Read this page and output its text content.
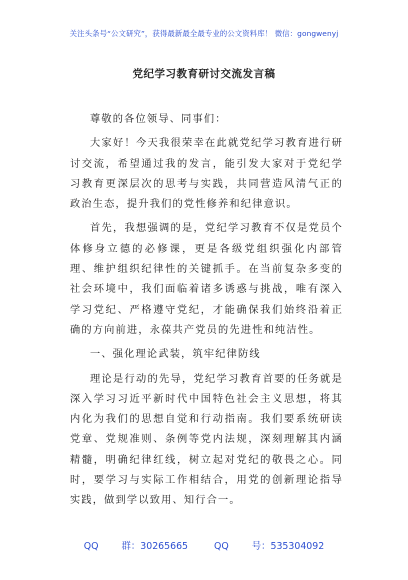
关注头条号“公文研究”，获得最新最全最专业的公文资料库！ 微信：gongwenyj
党纪学习教育研讨交流发言稿

尊敬的各位领导、同事们：

大家好！今天我很荣幸在此就党纪学习教育进行研讨交流，希望通过我的发言，能引发大家对于党纪学习教育更深层次的思考与实践，共同营造风清气正的政治生态，提升我们的党性修养和纪律意识。

首先，我想强调的是，党纪学习教育不仅是党员个体修身立德的必修课，更是各级党组织强化内部管理、维护组织纪律性的关键抓手。在当前复杂多变的社会环境中，我们面临着诸多诱惑与挑战，唯有深入学习党纪、严格遵守党纪，才能确保我们始终沿着正确的方向前进，永葆共产党员的先进性和纯洁性。

一、强化理论武装，筑牢纪律防线

理论是行动的先导，党纪学习教育首要的任务就是深入学习习近平新时代中国特色社会主义思想，将其内化为我们的思想自觉和行动指南。我们要系统研读党章、党规准则、条例等党内法规，深刻理解其内涵精髓，明确纪律红线，树立起对党纪的敬畏之心。同时，要学习与实际工作相结合，用党的创新理论指导实践，做到学以致用、知行合一。

QQ 群：30265665	QQ 号：535304092
